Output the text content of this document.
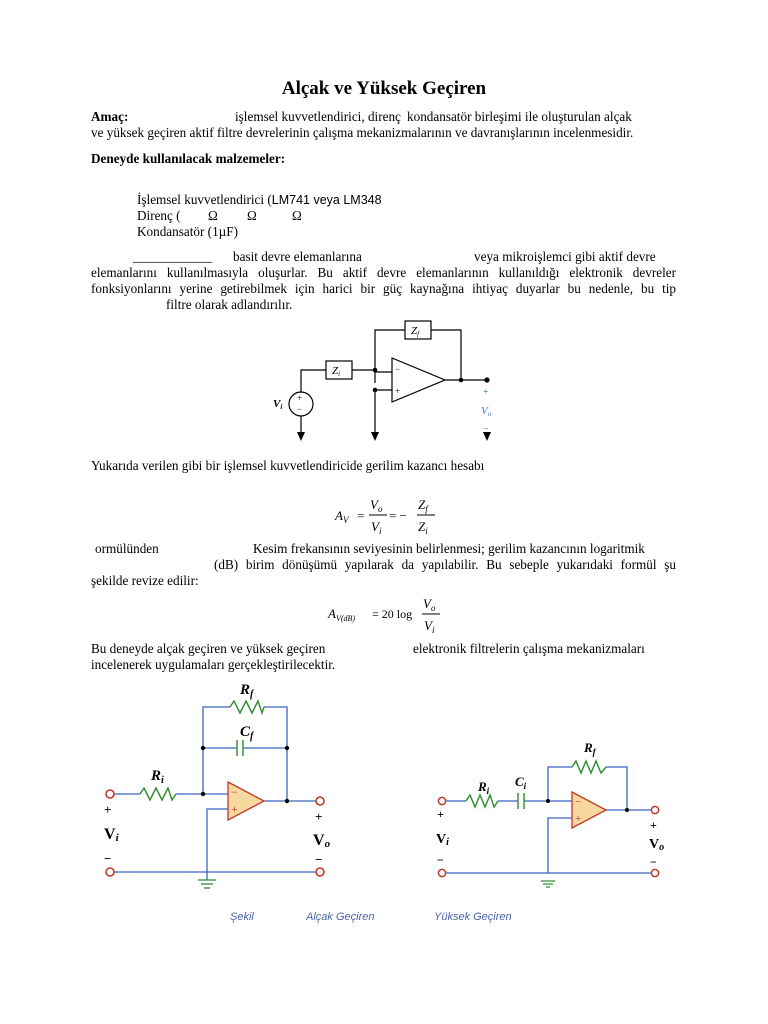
Alçak ve Yüksek Geçiren
Amaç:	işlemsel kuvvetlendirici, direnç kondansatör birleşimi ile oluşturulan alçak
ve yüksek geçiren aktif filtre devrelerinin çalışma mekanizmalarının ve davranışlarının incelenmesidir.
Deneyde kullanılacak malzemeler:
İşlemsel kuvvetlendirici (LM741 veya LM348
Direnç ( Ω Ω	Ω
Kondansatör (1µF)
____________ basit devre elemanlarına	veya mikroişlemci gibi aktif devre
elemanlarını kullanılmasıyla oluşurlar. Bu aktif devre elemanlarının kullanıldığı elektronik devreler
fonksiyonlarını yerine getirebilmek için harici bir güç kaynağına ihtiyaç duyarlar bu nedenle, bu tip
filtre olarak adlandırılır.
−
+
+
−
Zf
Zi
Vi
+
Vo
−
Yukarıda verilen gibi bir işlemsel kuvvetlendiricide gerilim kazancı hesabı
$A_V$ =
$V_o$
$V_i$
= −
$Z_f$
$Z_i$
ormülünden	Kesim frekansının seviyesinin belirlenmesi; gerilim kazancının logaritmik
(dB) birim dönüşümü yapılarak da yapılabilir. Bu sebeple yukarıdaki formül şu
şekilde revize edilir:
$A_{V(dB)} = 20$ log
$V_o$
$V_i$
Bu deneyde alçak geçiren ve yüksek geçiren	elektronik filtrelerin çalışma mekanizmaları
incelenerek uygulamaları gerçekleştirilecektir.
−
+
$R_f$
$C_f$
$R_i$
+
Vi
−
+
Vo
−
−
+
$R_f$
$R_i$
$C_i$
+
Vi
−
+
Vo
−
Şekil	Alçak Geçiren	Yüksek Geçiren
